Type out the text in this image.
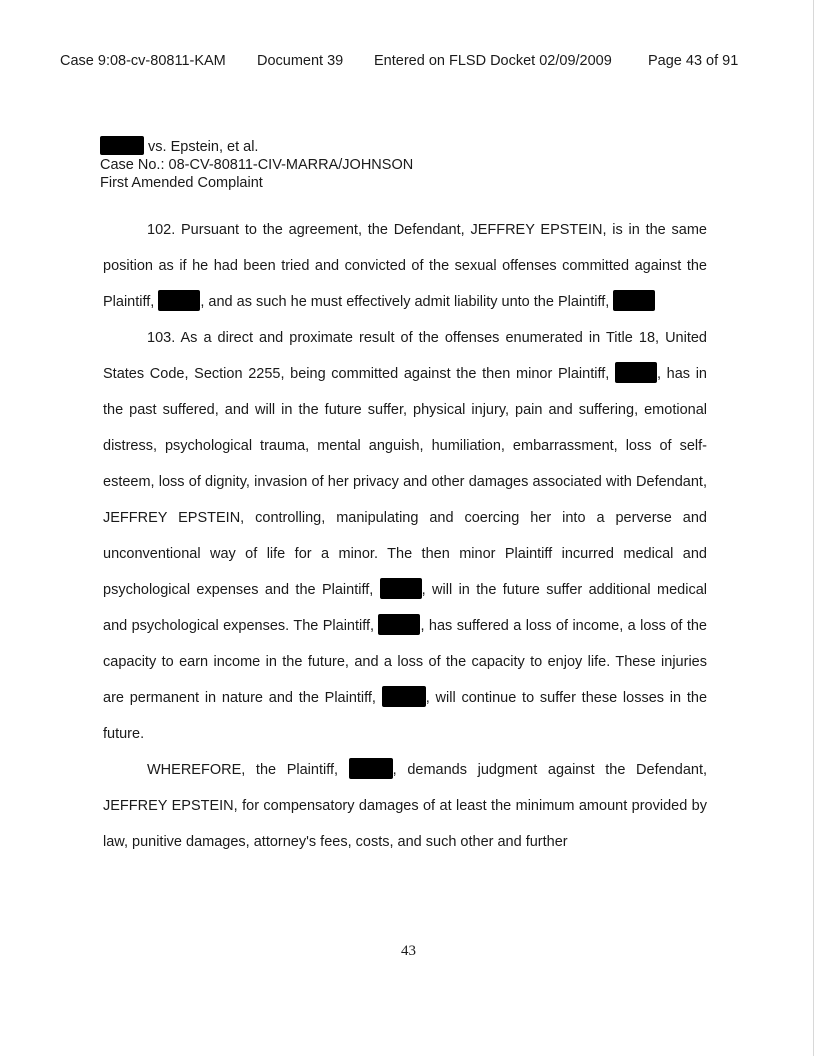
Case 9:08-cv-80811-KAM Document 39 Entered on FLSD Docket 02/09/2009 Page 43 of 91
vs. Epstein, et al.
Case No.: 08-CV-80811-CIV-MARRA/JOHNSON
First Amended Complaint

102. Pursuant to the agreement, the Defendant, JEFFREY EPSTEIN, is in the same position as if he had been tried and convicted of the sexual offenses committed against the Plaintiff,	, and as such he must effectively admit liability unto the Plaintiff,

103. As a direct and proximate result of the offenses enumerated in Title 18, United States Code, Section 2255, being committed against the then minor Plaintiff,	, has in the past suffered, and will in the future suffer, physical injury, pain and suffering, emotional distress, psychological trauma, mental anguish, humiliation, embarrassment, loss of self-esteem, loss of dignity, invasion of her privacy and other damages associated with Defendant, JEFFREY EPSTEIN, controlling, manipulating and coercing her into a perverse and unconventional way of life for a minor. The then minor Plaintiff incurred medical and psychological expenses and the Plaintiff,	, will in the future suffer additional medical and psychological expenses. The Plaintiff,	, has suffered a loss of income, a loss of the capacity to earn income in the future, and a loss of the capacity to enjoy life. These injuries are permanent in nature and the Plaintiff,	, will continue to suffer these losses in the future.

WHEREFORE, the Plaintiff,	, demands judgment against the Defendant, JEFFREY EPSTEIN, for compensatory damages of at least the minimum amount provided by law, punitive damages, attorney's fees, costs, and such other and further

43
